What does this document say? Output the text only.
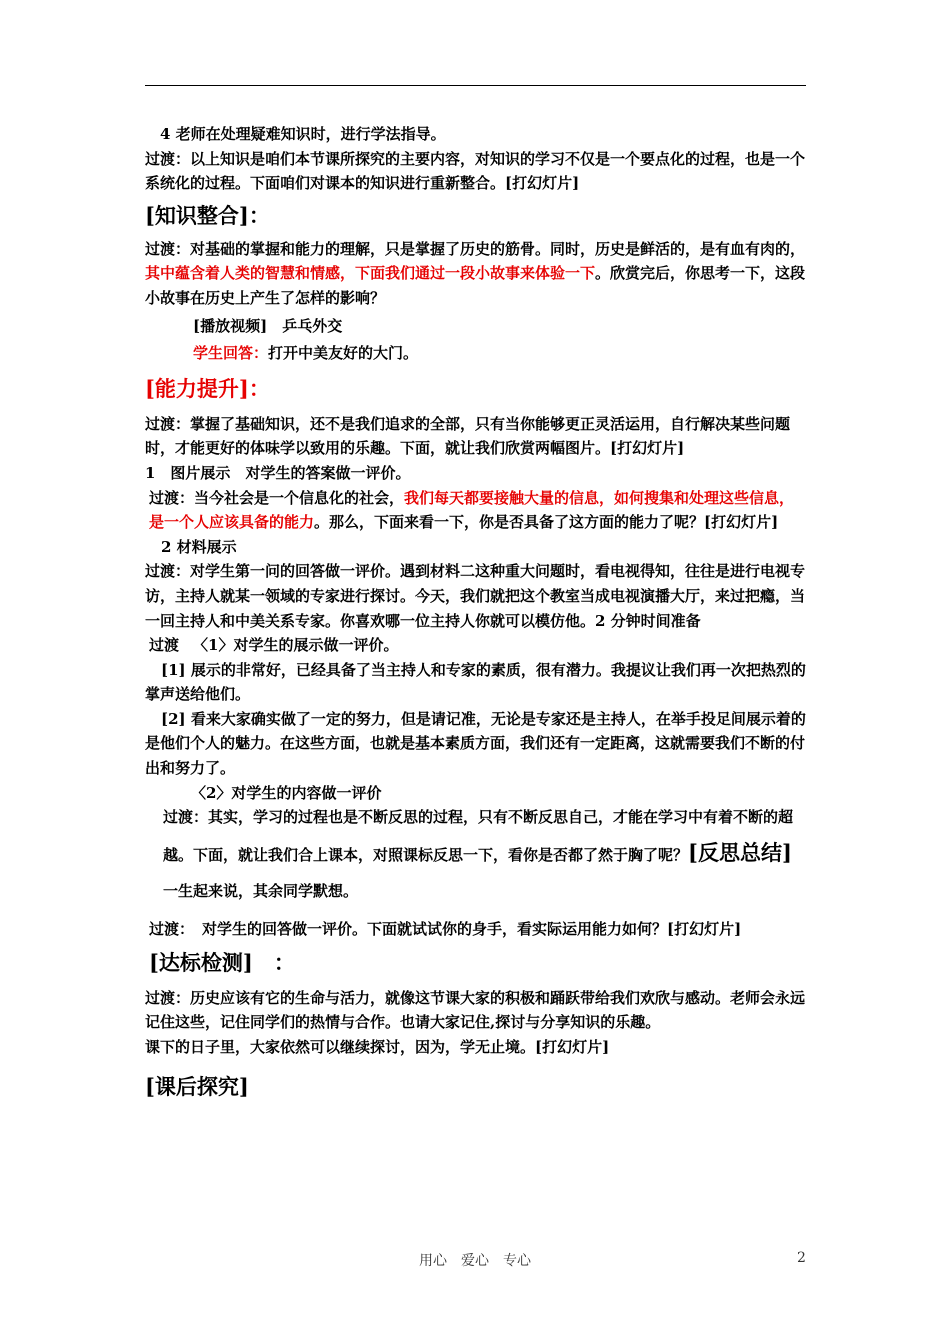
4 老师在处理疑难知识时，进行学法指导。

过渡：以上知识是咱们本节课所探究的主要内容，对知识的学习不仅是一个要点化的过程，也是一个系统化的过程。下面咱们对课本的知识进行重新整合。[打幻灯片]

[知识整合]：

过渡：对基础的掌握和能力的理解，只是掌握了历史的筋骨。同时，历史是鲜活的，是有血有肉的，其中蕴含着人类的智慧和情感，下面我们通过一段小故事来体验一下。欣赏完后，你思考一下，这段小故事在历史上产生了怎样的影响？

[播放视频]　乒乓外交

学生回答：打开中美友好的大门。

[能力提升]：

过渡：掌握了基础知识，还不是我们追求的全部，只有当你能够更正灵活运用，自行解决某些问题时，才能更好的体味学以致用的乐趣。下面，就让我们欣赏两幅图片。[打幻灯片]

1　图片展示　对学生的答案做一评价。

过渡：当今社会是一个信息化的社会，我们每天都要接触大量的信息，如何搜集和处理这些信息，是一个人应该具备的能力。那么，下面来看一下，你是否具备了这方面的能力了呢？[打幻灯片]

2 材料展示

过渡：对学生第一问的回答做一评价。遇到材料二这种重大问题时，看电视得知，往往是进行电视专访，主持人就某一领域的专家进行探讨。今天，我们就把这个教室当成电视演播大厅，来过把瘾，当一回主持人和中美关系专家。你喜欢哪一位主持人你就可以模仿他。2 分钟时间准备

过渡 〈1〉对学生的展示做一评价。

[1] 展示的非常好，已经具备了当主持人和专家的素质，很有潜力。我提议让我们再一次把热烈的掌声送给他们。

[2] 看来大家确实做了一定的努力，但是请记准，无论是专家还是主持人，在举手投足间展示着的是他们个人的魅力。在这些方面，也就是基本素质方面，我们还有一定距离，这就需要我们不断的付出和努力了。

〈2〉对学生的内容做一评价

过渡：其实，学习的过程也是不断反思的过程，只有不断反思自己，才能在学习中有着不断的超越。下面，就让我们合上课本，对照课标反思一下，看你是否都了然于胸了呢？[反思总结]一生起来说，其余同学默想。

过渡： 对学生的回答做一评价。下面就试试你的身手，看实际运用能力如何？[打幻灯片]

[达标检测]　：

过渡：历史应该有它的生命与活力，就像这节课大家的积极和踊跃带给我们欢欣与感动。老师会永远记住这些，记住同学们的热情与合作。也请大家记住,探讨与分享知识的乐趣。

课下的日子里，大家依然可以继续探讨，因为，学无止境。[打幻灯片]

[课后探究]

用心　爱心　专心	2
